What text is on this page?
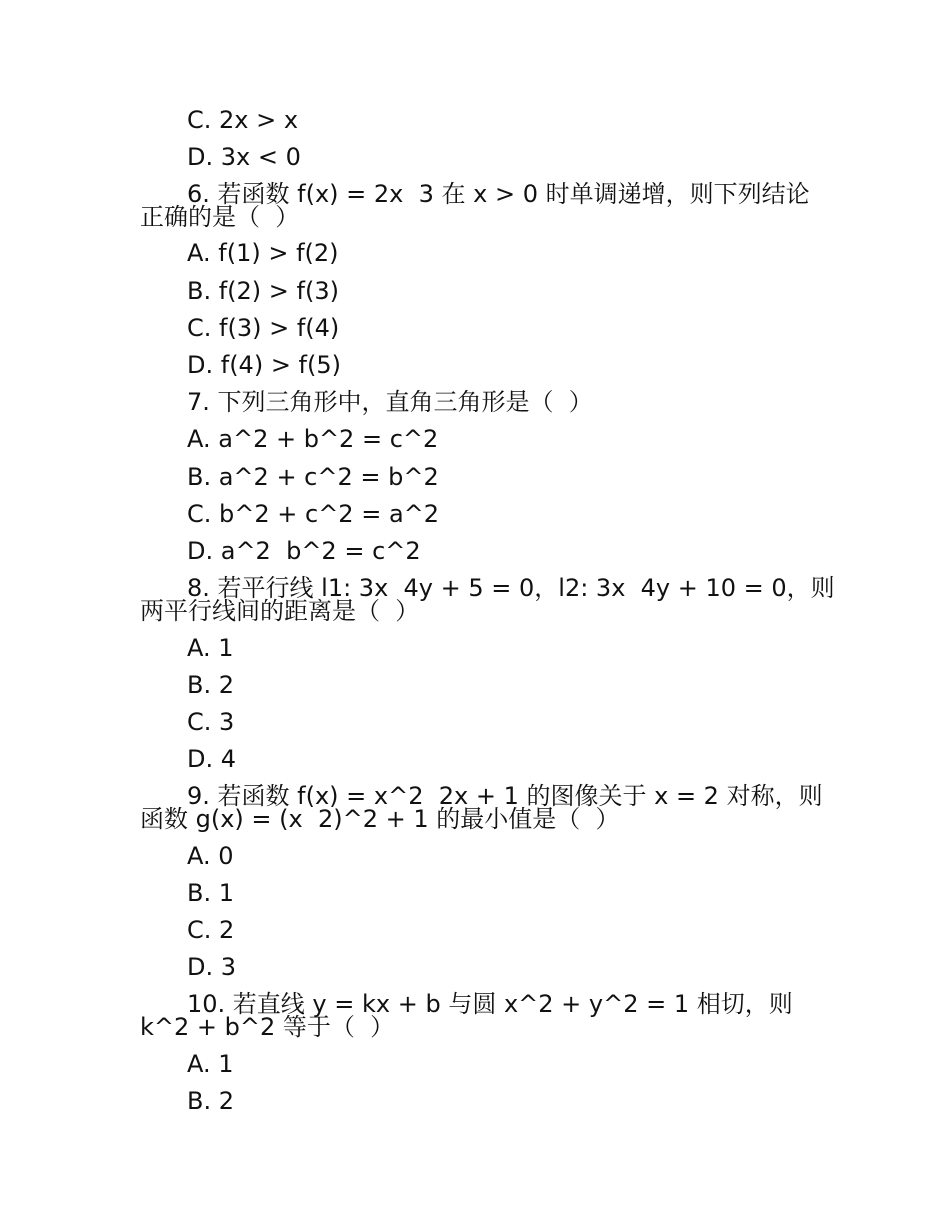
C. 2x > x
D. 3x < 0
6. 若函数 f(x) = 2x  3 在 x > 0 时单调递增，则下列结论
正确的是（  ）
A. f(1) > f(2)
B. f(2) > f(3)
C. f(3) > f(4)
D. f(4) > f(5)
7. 下列三角形中，直角三角形是（  ）
A. a^2 + b^2 = c^2
B. a^2 + c^2 = b^2
C. b^2 + c^2 = a^2
D. a^2  b^2 = c^2
8. 若平行线 l1: 3x  4y + 5 = 0，l2: 3x  4y + 10 = 0，则
两平行线间的距离是（  ）
A. 1
B. 2
C. 3
D. 4
9. 若函数 f(x) = x^2  2x + 1 的图像关于 x = 2 对称，则
函数 g(x) = (x  2)^2 + 1 的最小值是（  ）
A. 0
B. 1
C. 2
D. 3
10. 若直线 y = kx + b 与圆 x^2 + y^2 = 1 相切，则
k^2 + b^2 等于（  ）
A. 1
B. 2
